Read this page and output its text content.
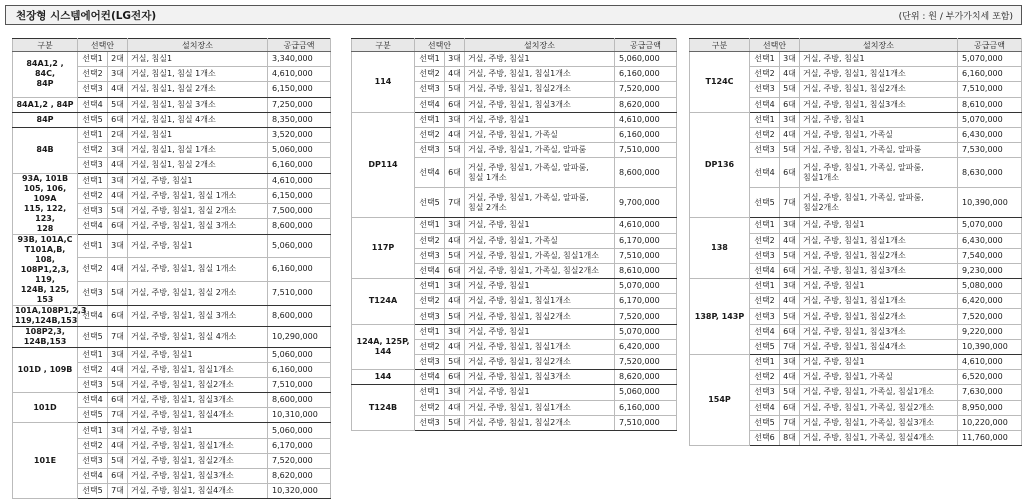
천장형 시스템에어컨(LG전자)	(단위 : 원 / 부가가치세 포함)
구분	선택안		설치장소	공급금액
84A1,2 , 84C,
84P	선택1	2대	거실, 침실1	3,340,000
	선택2	3대	거실, 침실1, 침실 1개소	4,610,000
	선택3	4대	거실, 침실1, 침실 2개소	6,150,000
84A1,2 , 84P	선택4	5대	거실, 침실1, 침실 3개소	7,250,000
84P	선택5	6대	거실, 침실1, 침실 4개소	8,350,000
84B	선택1	2대	거실, 침실1	3,520,000
	선택2	3대	거실, 침실1, 침실 1개소	5,060,000
	선택3	4대	거실, 침실1, 침실 2개소	6,160,000
93A, 101B
105, 106, 109A
115, 122, 123,
128	선택1	3대	거실, 주방, 침실1	4,610,000
	선택2	4대	거실, 주방, 침실1, 침실 1개소	6,150,000
	선택3	5대	거실, 주방, 침실1, 침실 2개소	7,500,000
	선택4	6대	거실, 주방, 침실1, 침실 3개소	8,600,000
93B, 101A,C
T101A,B, 108,
108P1,2,3, 119,
124B, 125, 153	선택1	3대	거실, 주방, 침실1	5,060,000
	선택2	4대	거실, 주방, 침실1, 침실 1개소	6,160,000
	선택3	5대	거실, 주방, 침실1, 침실 2개소	7,510,000
101A,108P1,2,3
119,124B,153	선택4	6대	거실, 주방, 침실1, 침실 3개소	8,600,000
108P2,3,
124B,153	선택5	7대	거실, 주방, 침실1, 침실 4개소	10,290,000
101D , 109B	선택1	3대	거실, 주방, 침실1	5,060,000
	선택2	4대	거실, 주방, 침실1, 침실1개소	6,160,000
	선택3	5대	거실, 주방, 침실1, 침실2개소	7,510,000
101D	선택4	6대	거실, 주방, 침실1, 침실3개소	8,600,000
	선택5	7대	거실, 주방, 침실1, 침실4개소	10,310,000
101E	선택1	3대	거실, 주방, 침실1	5,060,000
	선택2	4대	거실, 주방, 침실1, 침실1개소	6,170,000
	선택3	5대	거실, 주방, 침실1, 침실2개소	7,520,000
	선택4	6대	거실, 주방, 침실1, 침실3개소	8,620,000
	선택5	7대	거실, 주방, 침실1, 침실4개소	10,320,000
구분	선택안		설치장소	공급금액
114	선택1	3대	거실, 주방, 침실1	5,060,000
	선택2	4대	거실, 주방, 침실1, 침실1개소	6,160,000
	선택3	5대	거실, 주방, 침실1, 침실2개소	7,520,000
	선택4	6대	거실, 주방, 침실1, 침실3개소	8,620,000
DP114	선택1	3대	거실, 주방, 침실1	4,610,000
	선택2	4대	거실, 주방, 침실1, 가족실	6,160,000
	선택3	5대	거실, 주방, 침실1, 가족실, 알파룸	7,510,000
	선택4	6대	거실, 주방, 침실1, 가족실, 알파룸,
침실 1개소	8,600,000
	선택5	7대	거실, 주방, 침실1, 가족실, 알파룸,
침실 2개소	9,700,000
117P	선택1	3대	거실, 주방, 침실1	4,610,000
	선택2	4대	거실, 주방, 침실1, 가족실	6,170,000
	선택3	5대	거실, 주방, 침실1, 가족실, 침실1개소	7,510,000
	선택4	6대	거실, 주방, 침실1, 가족실, 침실2개소	8,610,000
T124A	선택1	3대	거실, 주방, 침실1	5,070,000
	선택2	4대	거실, 주방, 침실1, 침실1개소	6,170,000
	선택3	5대	거실, 주방, 침실1, 침실2개소	7,520,000
124A, 125P,
144	선택1	3대	거실, 주방, 침실1	5,070,000
	선택2	4대	거실, 주방, 침실1, 침실1개소	6,420,000
	선택3	5대	거실, 주방, 침실1, 침실2개소	7,520,000
144	선택4	6대	거실, 주방, 침실1, 침실3개소	8,620,000
T124B	선택1	3대	거실, 주방, 침실1	5,060,000
	선택2	4대	거실, 주방, 침실1, 침실1개소	6,160,000
	선택3	5대	거실, 주방, 침실1, 침실2개소	7,510,000
구분	선택안		설치장소	공급금액
T124C	선택1	3대	거실, 주방, 침실1	5,070,000
	선택2	4대	거실, 주방, 침실1, 침실1개소	6,160,000
	선택3	5대	거실, 주방, 침실1, 침실2개소	7,510,000
	선택4	6대	거실, 주방, 침실1, 침실3개소	8,610,000
DP136	선택1	3대	거실, 주방, 침실1	5,070,000
	선택2	4대	거실, 주방, 침실1, 가족실	6,430,000
	선택3	5대	거실, 주방, 침실1, 가족실, 알파룸	7,530,000
	선택4	6대	거실, 주방, 침실1, 가족실, 알파룸,
침실1개소	8,630,000
	선택5	7대	거실, 주방, 침실1, 가족실, 알파룸,
침실2개소	10,390,000
138	선택1	3대	거실, 주방, 침실1	5,070,000
	선택2	4대	거실, 주방, 침실1, 침실1개소	6,430,000
	선택3	5대	거실, 주방, 침실1, 침실2개소	7,540,000
	선택4	6대	거실, 주방, 침실1, 침실3개소	9,230,000
138P, 143P	선택1	3대	거실, 주방, 침실1	5,080,000
	선택2	4대	거실, 주방, 침실1, 침실1개소	6,420,000
	선택3	5대	거실, 주방, 침실1, 침실2개소	7,520,000
	선택4	6대	거실, 주방, 침실1, 침실3개소	9,220,000
	선택5	7대	거실, 주방, 침실1, 침실4개소	10,390,000
154P	선택1	3대	거실, 주방, 침실1	4,610,000
	선택2	4대	거실, 주방, 침실1, 가족실	6,520,000
	선택3	5대	거실, 주방, 침실1, 가족실, 침실1개소	7,630,000
	선택4	6대	거실, 주방, 침실1, 가족실, 침실2개소	8,950,000
	선택5	7대	거실, 주방, 침실1, 가족실, 침실3개소	10,220,000
	선택6	8대	거실, 주방, 침실1, 가족실, 침실4개소	11,760,000
